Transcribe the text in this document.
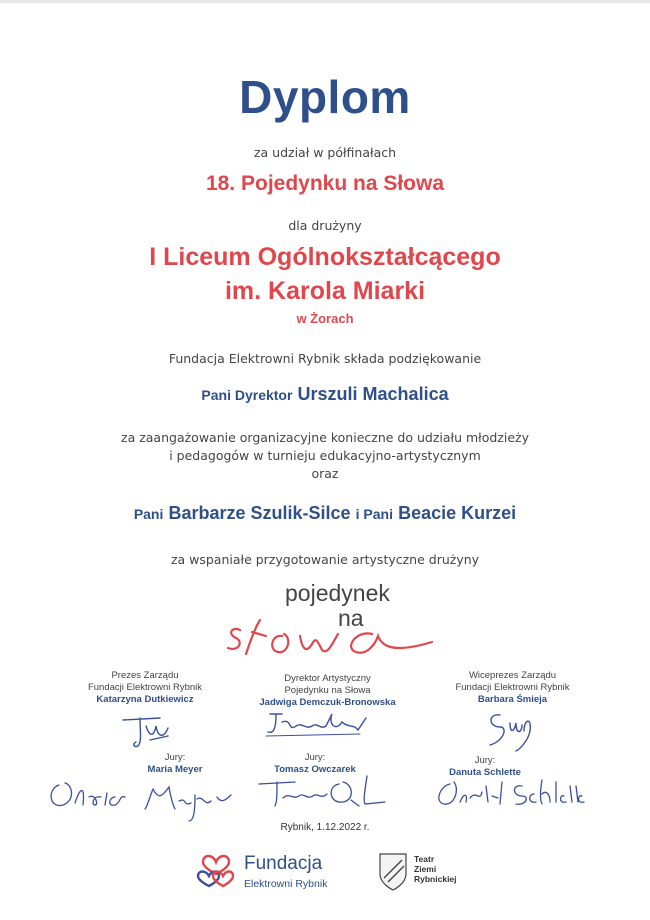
Dyplom
za udział w półfinałach
18. Pojedynku na Słowa
dla drużyny
I Liceum Ogólnokształcącego
im. Karola Miarki
w Żorach
Fundacja Elektrowni Rybnik składa podziękowanie
Pani Dyrektor Urszuli Machalica
za zaangażowanie organizacyjne konieczne do udziału młodzieży
i pedagogów w turnieju edukacyjno-artystycznym
oraz
Pani Barbarze Szulik-Silce i Pani Beacie Kurzei
za wspaniałe przygotowanie artystyczne drużyny
pojedynek
na
Prezes Zarządu
Fundacji Elektrowni Rybnik
Katarzyna Dutkiewicz
Dyrektor Artystyczny
Pojedynku na Słowa
Jadwiga Demczuk-Bronowska
Wiceprezes Zarządu
Fundacji Elektrowni Rybnik
Barbara Śmieja
Jury:
Maria Meyer
Jury:
Tomasz Owczarek
Jury:
Danuta Schlette
Rybnik, 1.12.2022 r.
Fundacja
Elektrowni Rybnik
Teatr
Ziemi
Rybnickiej
